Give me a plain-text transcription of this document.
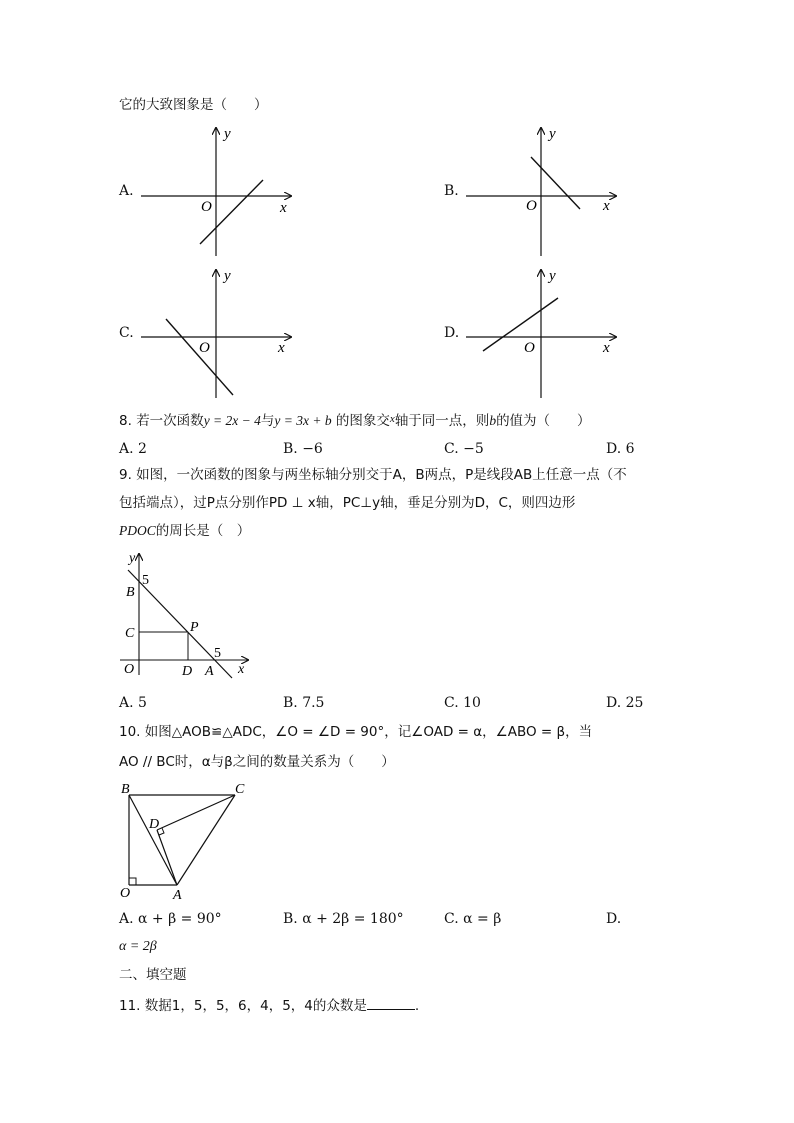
它的大致图象是（　　）
A.	B.
C.	D.
y
x
O
y
x
O
y
x
O
y
x
O
8. 若一次函数y = 2x − 4与y = 3x + b 的图象交$^x$轴于同一点，则b的值为（　　）
A. 2	B. −6	C. −5	D. 6
9. 如图，一次函数的图象与两坐标轴分别交于A，B两点，P是线段AB上任意一点（不
包括端点），过P点分别作PD ⊥ x轴，PC⊥y轴，垂足分别为D，C，则四边形
PDOC的周长是（　）
y
x
5
B
C	P
O	D A
5
A. 5	B. 7.5	C. 10	D. 25
10. 如图△AOB≌△ADC，∠O = ∠D = 90°，记∠OAD = α，∠ABO = β，当
AO // BC时，α与β之间的数量关系为（　　）
B	C
D
O	A
A. α + β = 90°	B. α + 2β = 180°	C. α = β	D.
α = 2β
二、填空题
11. 数据1，5，5，6，4，5，4的众数是	.
